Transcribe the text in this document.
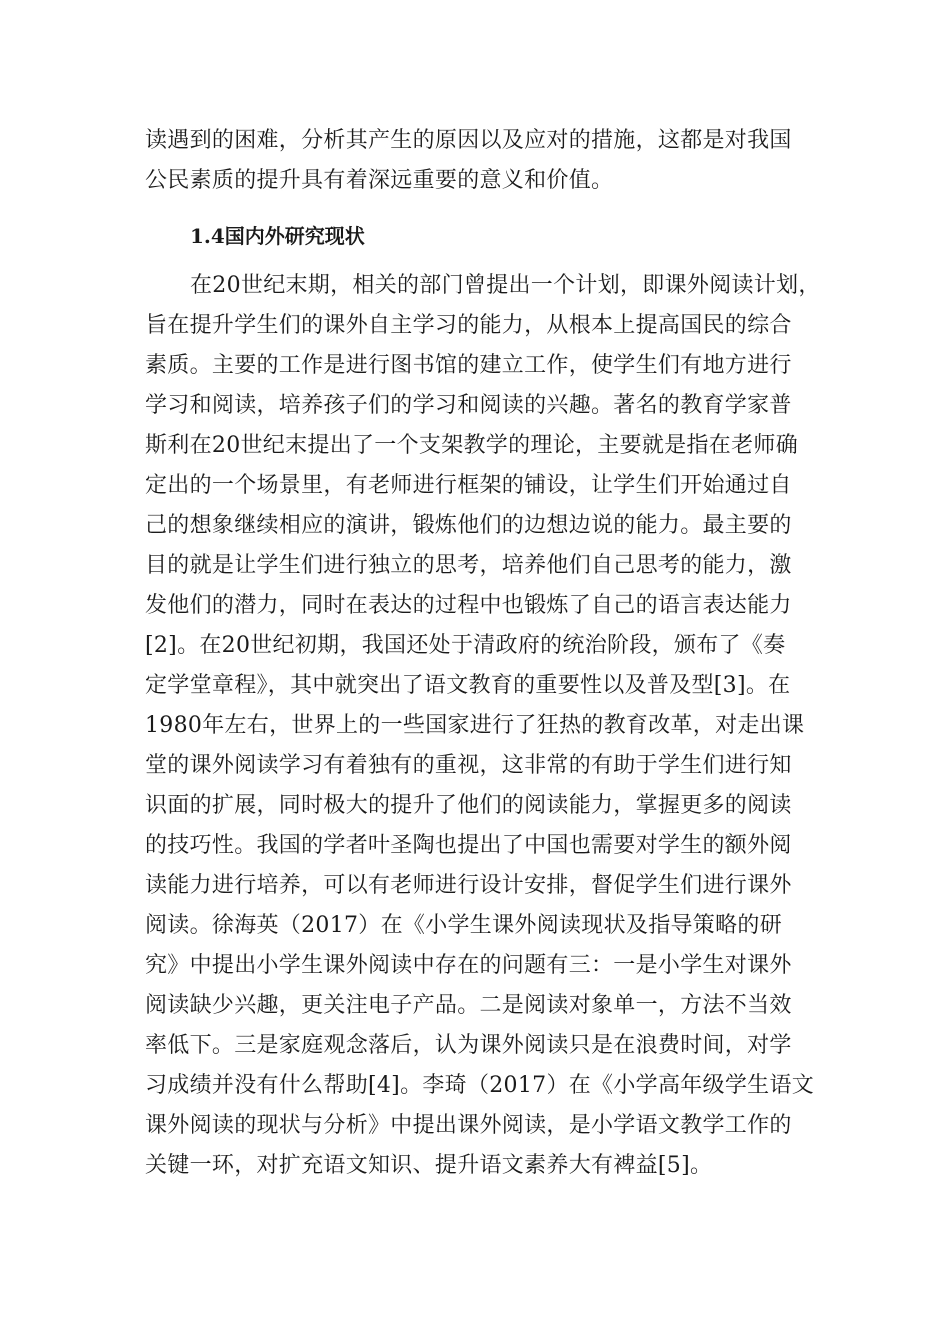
读遇到的困难，分析其产生的原因以及应对的措施，这都是对我国

公民素质的提升具有着深远重要的意义和价值。

1.4国内外研究现状

在20世纪末期，相关的部门曾提出一个计划，即课外阅读计划，

旨在提升学生们的课外自主学习的能力，从根本上提高国民的综合

素质。主要的工作是进行图书馆的建立工作，使学生们有地方进行

学习和阅读，培养孩子们的学习和阅读的兴趣。著名的教育学家普

斯利在20世纪末提出了一个支架教学的理论，主要就是指在老师确

定出的一个场景里，有老师进行框架的铺设，让学生们开始通过自

己的想象继续相应的演讲，锻炼他们的边想边说的能力。最主要的

目的就是让学生们进行独立的思考，培养他们自己思考的能力，激

发他们的潜力，同时在表达的过程中也锻炼了自己的语言表达能力

[2]。在20世纪初期，我国还处于清政府的统治阶段，颁布了《奏

定学堂章程》，其中就突出了语文教育的重要性以及普及型[3]。在

1980年左右，世界上的一些国家进行了狂热的教育改革，对走出课

堂的课外阅读学习有着独有的重视，这非常的有助于学生们进行知

识面的扩展，同时极大的提升了他们的阅读能力，掌握更多的阅读

的技巧性。我国的学者叶圣陶也提出了中国也需要对学生的额外阅

读能力进行培养，可以有老师进行设计安排，督促学生们进行课外

阅读。徐海英（2017）在《小学生课外阅读现状及指导策略的研

究》中提出小学生课外阅读中存在的问题有三：一是小学生对课外

阅读缺少兴趣，更关注电子产品。二是阅读对象单一，方法不当效

率低下。三是家庭观念落后，认为课外阅读只是在浪费时间，对学

习成绩并没有什么帮助[4]。李琦（2017）在《小学高年级学生语文

课外阅读的现状与分析》中提出课外阅读，是小学语文教学工作的

关键一环，对扩充语文知识、提升语文素养大有裨益[5]。
